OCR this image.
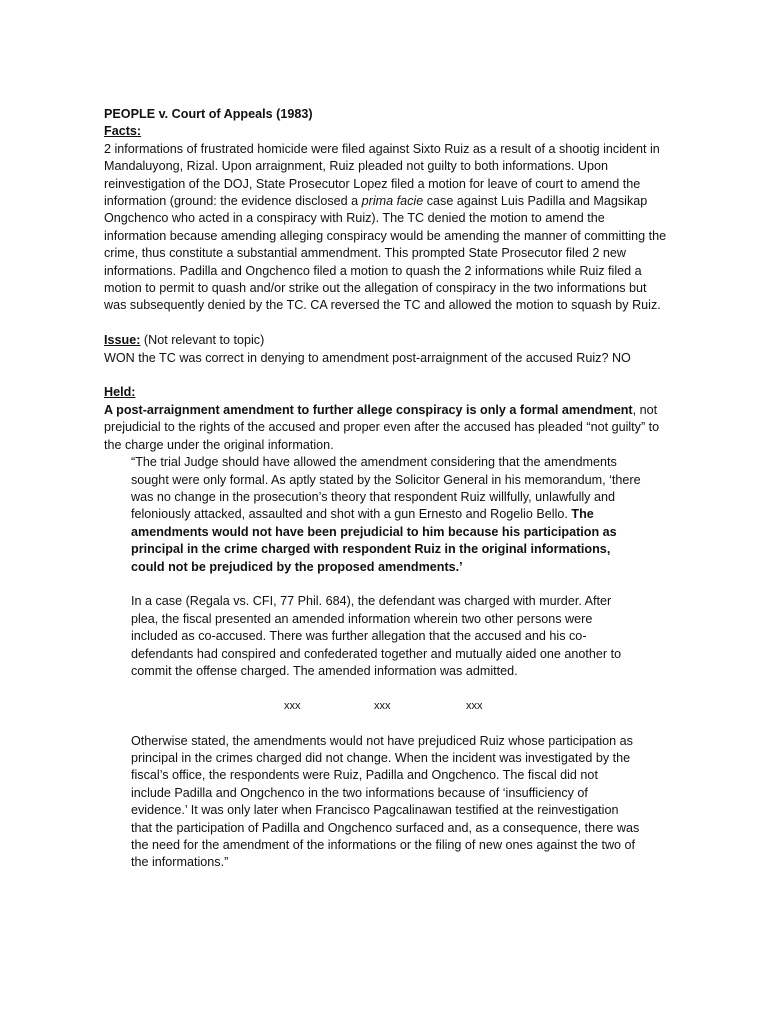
PEOPLE v. Court of Appeals (1983)

Facts:

2 informations of frustrated homicide were filed against Sixto Ruiz as a result of a shootig incident in Mandaluyong, Rizal. Upon arraignment, Ruiz pleaded not guilty to both informations. Upon reinvestigation of the DOJ, State Prosecutor Lopez filed a motion for leave of court to amend the information (ground: the evidence disclosed a prima facie case against Luis Padilla and Magsikap Ongchenco who acted in a conspiracy with Ruiz). The TC denied the motion to amend the information because amending alleging conspiracy would be amending the manner of committing the crime, thus constitute a substantial ammendment. This prompted State Prosecutor filed 2 new informations. Padilla and Ongchenco filed a motion to quash the 2 informations while Ruiz filed a motion to permit to quash and/or strike out the allegation of conspiracy in the two informations but was subsequently denied by the TC. CA reversed the TC and allowed the motion to squash by Ruiz.

Issue: (Not relevant to topic)

WON the TC was correct in denying to amendment post-arraignment of the accused Ruiz? NO

Held:

A post-arraignment amendment to further allege conspiracy is only a formal amendment, not prejudicial to the rights of the accused and proper even after the accused has pleaded “not guilty” to the charge under the original information.

“The trial Judge should have allowed the amendment considering that the amendments sought were only formal. As aptly stated by the Solicitor General in his memorandum, ‘there was no change in the prosecution’s theory that respondent Ruiz willfully, unlawfully and feloniously attacked, assaulted and shot with a gun Ernesto and Rogelio Bello. The amendments would not have been prejudicial to him because his participation as principal in the crime charged with respondent Ruiz in the original informations, could not be prejudiced by the proposed amendments.’

In a case (Regala vs. CFI, 77 Phil. 684), the defendant was charged with murder. After plea, the fiscal presented an amended information wherein two other persons were included as co-accused. There was further allegation that the accused and his co-defendants had conspired and confederated together and mutually aided one another to commit the offense charged. The amended information was admitted.

xxx	xxx	xxx

Otherwise stated, the amendments would not have prejudiced Ruiz whose participation as principal in the crimes charged did not change. When the incident was investigated by the fiscal’s office, the respondents were Ruiz, Padilla and Ongchenco. The fiscal did not include Padilla and Ongchenco in the two informations because of ‘insufficiency of evidence.’ It was only later when Francisco Pagcalinawan testified at the reinvestigation that the participation of Padilla and Ongchenco surfaced and, as a consequence, there was the need for the amendment of the informations or the filing of new ones against the two of the informations.”
